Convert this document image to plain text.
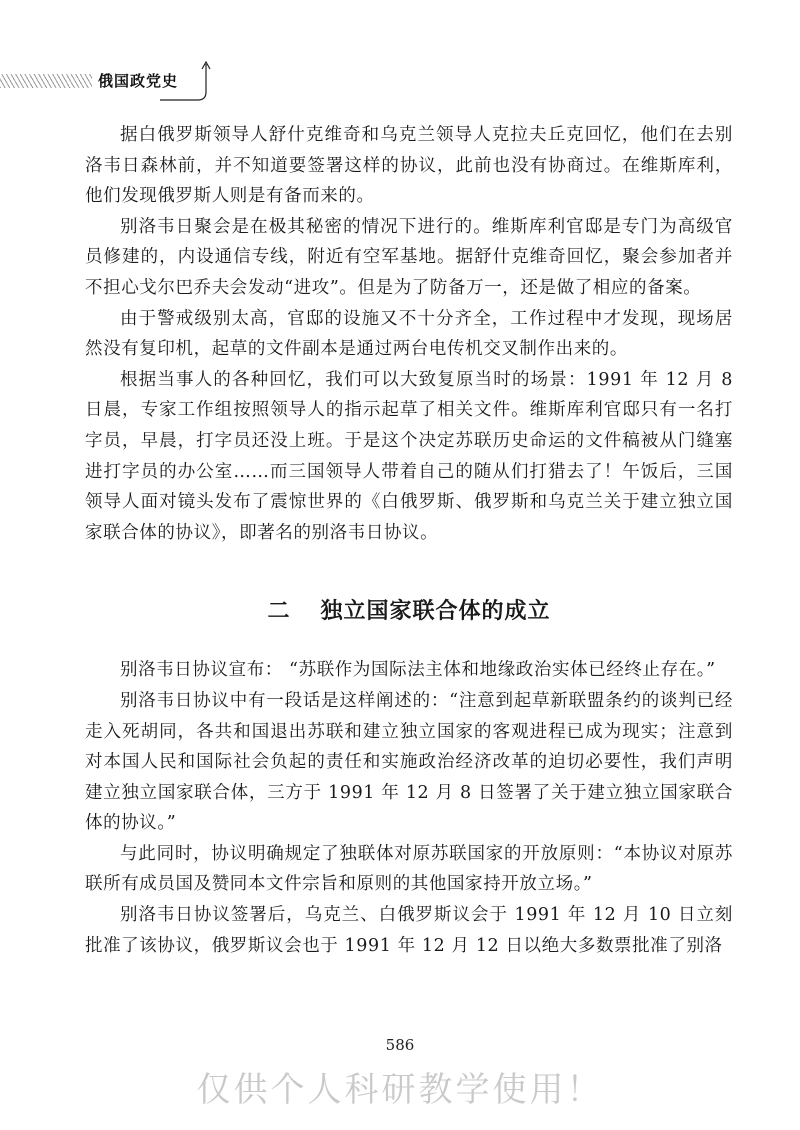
俄国政党史

据白俄罗斯领导人舒什克维奇和乌克兰领导人克拉夫丘克回忆，他们在去别洛韦日森林前，并不知道要签署这样的协议，此前也没有协商过。在维斯库利，他们发现俄罗斯人则是有备而来的。

别洛韦日聚会是在极其秘密的情况下进行的。维斯库利官邸是专门为高级官员修建的，内设通信专线，附近有空军基地。据舒什克维奇回忆，聚会参加者并不担心戈尔巴乔夫会发动“进攻”。但是为了防备万一，还是做了相应的备案。

由于警戒级别太高，官邸的设施又不十分齐全，工作过程中才发现，现场居然没有复印机，起草的文件副本是通过两台电传机交叉制作出来的。

根据当事人的各种回忆，我们可以大致复原当时的场景：1991 年 12 月 8 日晨，专家工作组按照领导人的指示起草了相关文件。维斯库利官邸只有一名打字员，早晨，打字员还没上班。于是这个决定苏联历史命运的文件稿被从门缝塞进打字员的办公室……而三国领导人带着自己的随从们打猎去了！午饭后，三国领导人面对镜头发布了震惊世界的《白俄罗斯、俄罗斯和乌克兰关于建立独立国家联合体的协议》，即著名的别洛韦日协议。

二 独立国家联合体的成立

别洛韦日协议宣布： “苏联作为国际法主体和地缘政治实体已经终止存在。”

别洛韦日协议中有一段话是这样阐述的：“注意到起草新联盟条约的谈判已经走入死胡同，各共和国退出苏联和建立独立国家的客观进程已成为现实；注意到对本国人民和国际社会负起的责任和实施政治经济改革的迫切必要性，我们声明建立独立国家联合体，三方于 1991 年 12 月 8 日签署了关于建立独立国家联合体的协议。”

与此同时，协议明确规定了独联体对原苏联国家的开放原则：“本协议对原苏联所有成员国及赞同本文件宗旨和原则的其他国家持开放立场。”

别洛韦日协议签署后，乌克兰、白俄罗斯议会于 1991 年 12 月 10 日立刻批准了该协议，俄罗斯议会也于 1991 年 12 月 12 日以绝大多数票批准了别洛

586
仅供个人科研教学使用！
